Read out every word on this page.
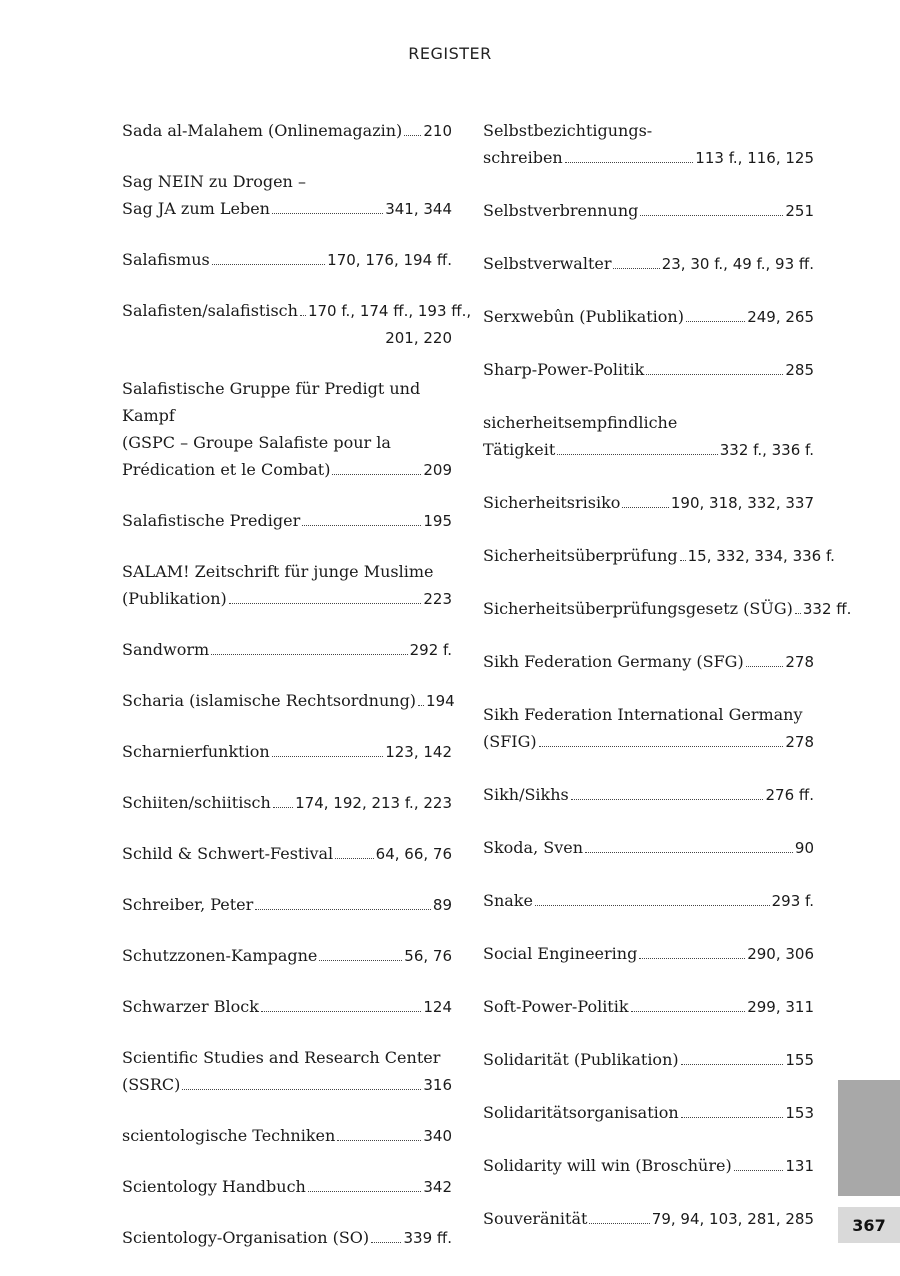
REGISTER
Sada al-Malahem (Onlinemagazin) 210
Sag NEIN zu Drogen –
Sag JA zum Leben	341, 344
Salafismus	170, 176, 194 ff.
Salafisten/salafistisch 170 f., 174 ff., 193 ff.,
201, 220
Salafistische Gruppe für Predigt und Kampf
(GSPC – Groupe Salafiste pour la
Prédication et le Combat)	209
Salafistische Prediger	195
SALAM! Zeitschrift für junge Muslime
(Publikation)	223
Sandworm	292 f.
Scharia (islamische Rechtsordnung) 194
Scharnierfunktion	123, 142
Schiiten/schiitisch 174, 192, 213 f., 223
Schild & Schwert-Festival	64, 66, 76
Schreiber, Peter	89
Schutzzonen-Kampagne	56, 76
Schwarzer Block	124
Scientific Studies and Research Center
(SSRC)	316
scientologische Techniken	340
Scientology Handbuch	342
Scientology-Organisation (SO) 339 ff.
Selbstbezichtigungs-
schreiben	113 f., 116, 125
Selbstverbrennung	251
Selbstverwalter	23, 30 f., 49 f., 93 ff.
Serxwebûn (Publikation)	249, 265
Sharp-Power-Politik	285
sicherheitsempfindliche
Tätigkeit	332 f., 336 f.
Sicherheitsrisiko	190, 318, 332, 337
Sicherheitsüberprüfung 15, 332, 334, 336 f.
Sicherheitsüberprüfungsgesetz (SÜG) 332 ff.
Sikh Federation Germany (SFG)	278
Sikh Federation International Germany
(SFIG)	278
Sikh/Sikhs	276 ff.
Skoda, Sven	90
Snake	293 f.
Social Engineering	290, 306
Soft-Power-Politik	299, 311
Solidarität (Publikation)	155
Solidaritätsorganisation	153
Solidarity will win (Broschüre)	131
Souveränität	79, 94, 103, 281, 285	367
